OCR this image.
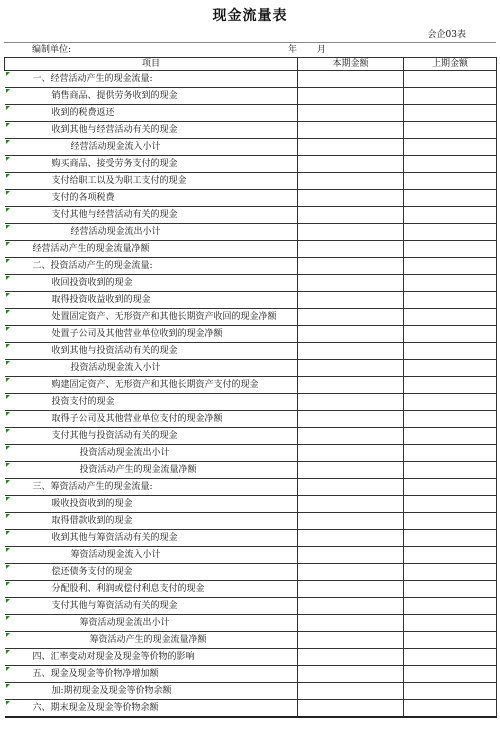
现金流量表
会企03表
编制单位:	年 月
项目	本期金额	上期金额

一、经营活动产生的现金流量:		

销售商品、提供劳务收到的现金		

收到的税费返还		

收到其他与经营活动有关的现金		

经营活动现金流入小计		

购买商品、接受劳务支付的现金		

支付给职工以及为职工支付的现金		

支付的各项税费		

支付其他与经营活动有关的现金		

经营活动现金流出小计		

经营活动产生的现金流量净额		

二、投资活动产生的现金流量:		

收回投资收到的现金		

取得投资收益收到的现金		

处置固定资产、无形资产和其他长期资产收回的现金净额		

处置子公司及其他营业单位收到的现金净额		

收到其他与投资活动有关的现金		

投资活动现金流入小计		

购建固定资产、无形资产和其他长期资产支付的现金		

投资支付的现金		

取得子公司及其他营业单位支付的现金净额		

支付其他与投资活动有关的现金		

投资活动现金流出小计		

投资活动产生的现金流量净额		

三、筹资活动产生的现金流量:		

吸收投资收到的现金		

取得借款收到的现金		

收到其他与筹资活动有关的现金		

筹资活动现金流入小计		

偿还债务支付的现金		

分配股利、利润或偿付利息支付的现金		

支付其他与筹资活动有关的现金		

筹资活动现金流出小计		

筹资活动产生的现金流量净额		

四、汇率变动对现金及现金等价物的影响		

五、现金及现金等价物净增加额		

加:期初现金及现金等价物余额		

六、期末现金及现金等价物余额		
